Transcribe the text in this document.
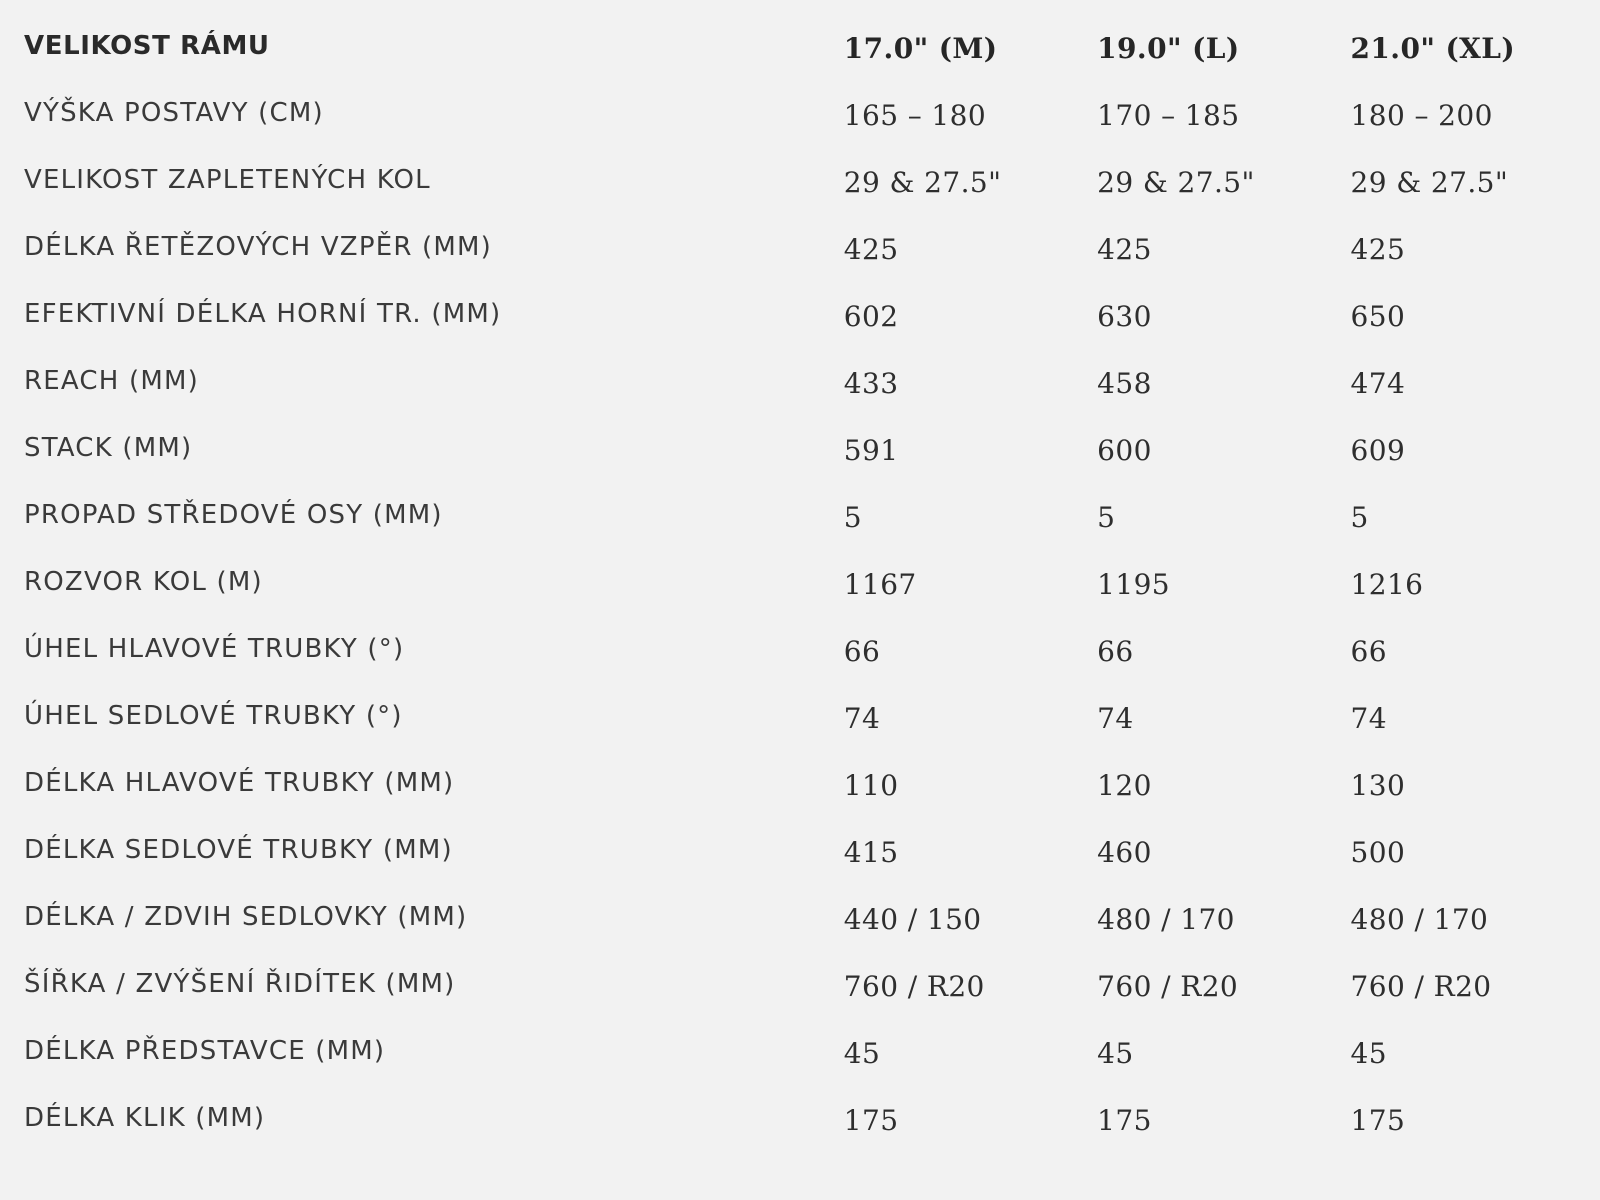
VELIKOST RÁMU	17.0" (M)	19.0" (L)	21.0" (XL)
VÝŠKA POSTAVY (CM)	165 – 180	170 – 185	180 – 200
VELIKOST ZAPLETENÝCH KOL	29 & 27.5"	29 & 27.5"	29 & 27.5"
DÉLKA ŘETĚZOVÝCH VZPĚR (MM)	425	425	425
EFEKTIVNÍ DÉLKA HORNÍ TR. (MM)	602	630	650
REACH (MM)	433	458	474
STACK (MM)	591	600	609
PROPAD STŘEDOVÉ OSY (MM)	5	5	5
ROZVOR KOL (M)	1167	1195	1216
ÚHEL HLAVOVÉ TRUBKY (°)	66	66	66
ÚHEL SEDLOVÉ TRUBKY (°)	74	74	74
DÉLKA HLAVOVÉ TRUBKY (MM)	110	120	130
DÉLKA SEDLOVÉ TRUBKY (MM)	415	460	500
DÉLKA / ZDVIH SEDLOVKY (MM)	440 / 150	480 / 170	480 / 170
ŠÍŘKA / ZVÝŠENÍ ŘIDÍTEK (MM)	760 / R20	760 / R20	760 / R20
DÉLKA PŘEDSTAVCE (MM)	45	45	45
DÉLKA KLIK (MM)	175	175	175
